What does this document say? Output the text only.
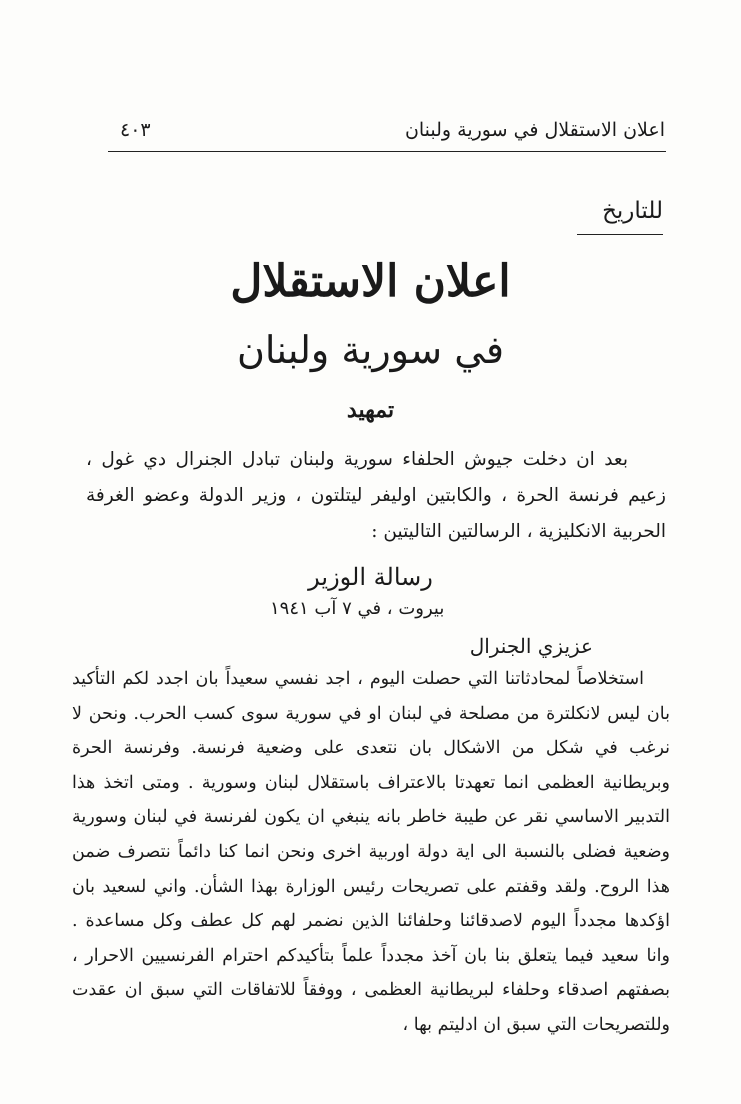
اعلان الاستقلال في سورية ولبنان
٤٠٣
للتاريخ
اعلان الاستقلال
في سورية ولبنان
تمهيد

بعد ان دخلت جيوش الحلفاء سورية ولبنان تبادل الجنرال دي غول ، زعيم فرنسة الحرة ، والكابتين اوليفر ليتلتون ، وزير الدولة وعضو الغرفة الحربية الانكليزية ، الرسالتين التاليتين :

رسالة الوزير
بيروت ، في ٧ آب ١٩٤١
عزيزي الجنرال

استخلاصاً لمحادثاتنا التي حصلت اليوم ، اجد نفسي سعيداً بان اجدد لكم التأكيد بان ليس لانكلترة من مصلحة في لبنان او في سورية سوى كسب الحرب. ونحن لا نرغب في شكل من الاشكال بان نتعدى على وضعية فرنسة. وفرنسة الحرة وبريطانية العظمى انما تعهدتا بالاعتراف باستقلال لبنان وسورية . ومتى اتخذ هذا التدبير الاساسي نقر عن طيبة خاطر بانه ينبغي ان يكون لفرنسة في لبنان وسورية وضعية فضلى بالنسبة الى اية دولة اوربية اخرى ونحن انما كنا دائماً نتصرف ضمن هذا الروح. ولقد وقفتم على تصريحات رئيس الوزارة بهذا الشأن. واني لسعيد بان اؤكدها مجدداً اليوم لاصدقائنا وحلفائنا الذين نضمر لهم كل عطف وكل مساعدة . وانا سعيد فيما يتعلق بنا بان آخذ مجدداً علماً بتأكيدكم احترام الفرنسيين الاحرار ، بصفتهم اصدقاء وحلفاء لبريطانية العظمى ، ووفقاً للاتفاقات التي سبق ان عقدت وللتصريحات التي سبق ان ادليتم بها ،
